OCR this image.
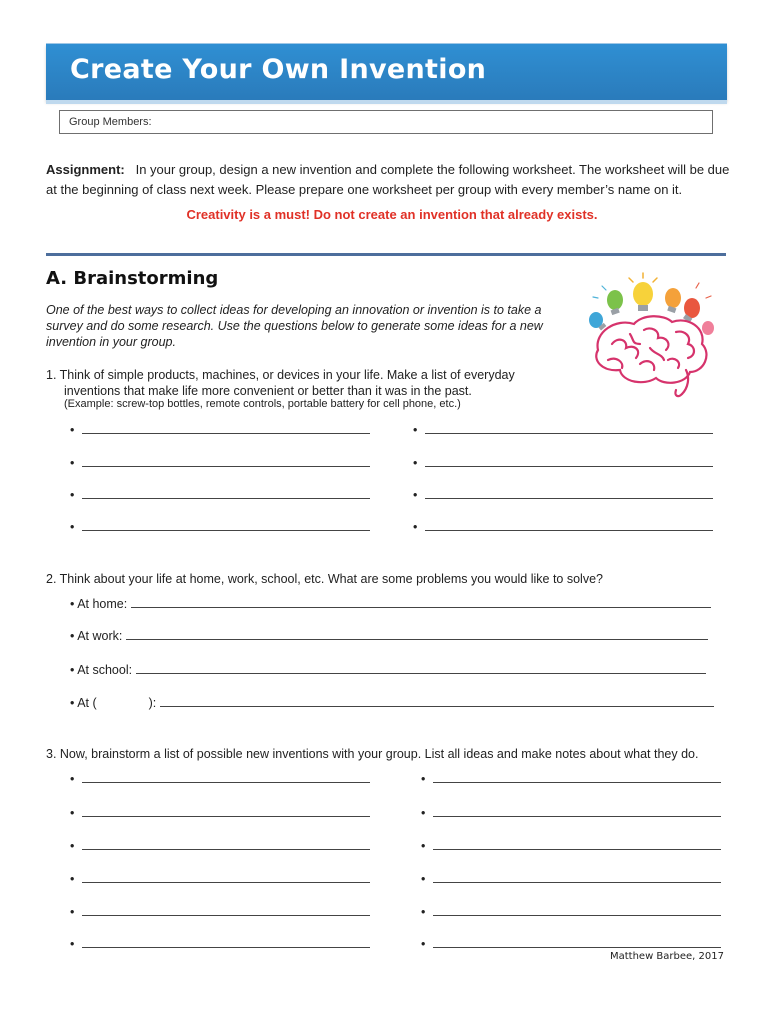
Create Your Own Invention
Group Members:
Assignment: In your group, design a new invention and complete the following worksheet. The worksheet will be due at the beginning of class next week. Please prepare one worksheet per group with every member’s name on it.
Creativity is a must! Do not create an invention that already exists.
A. Brainstorming
One of the best ways to collect ideas for developing an innovation or invention is to take a survey and do some research. Use the questions below to generate some ideas for a new invention in your group.
1. Think of simple products, machines, or devices in your life. Make a list of everyday
inventions that make life more convenient or better than it was in the past.
(Example: screw-top bottles, remote controls, portable battery for cell phone, etc.)
•
•
•
•
•
•
•
•
2. Think about your life at home, work, school, etc. What are some problems you would like to solve?
• At home:
• At work:
• At school:
• At (	):
3. Now, brainstorm a list of possible new inventions with your group. List all ideas and make notes about what they do.
•
•
•
•
•
•
•
•
•
•
•
•
Matthew Barbee, 2017
